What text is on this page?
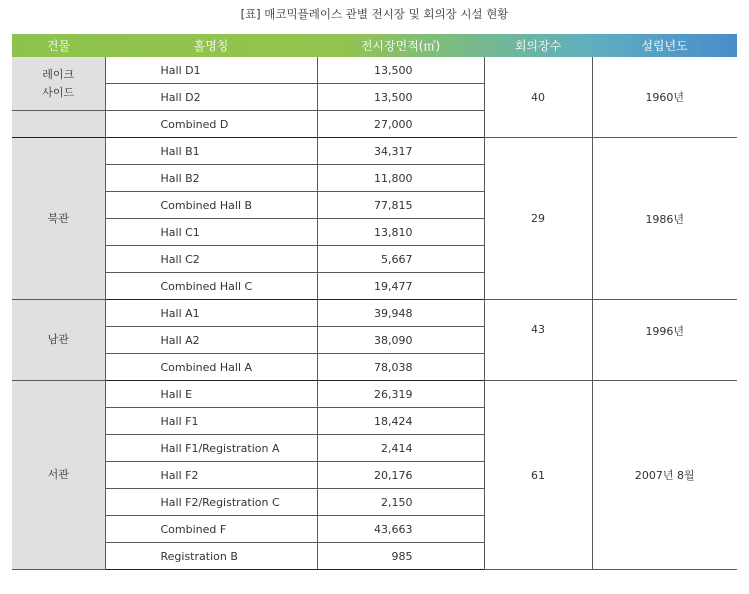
[표] 매코믹플레이스 관별 전시장 및 회의장 시설 현황
건물	홀명칭	전시장면적(㎡)	회의장수	설립년도
레이크
사이드	Hall D1	13,500	40	1960년
	Hall D2	13,500		
	Combined D	27,000		
북관	Hall B1	34,317	29	1986년
	Hall B2	11,800		
	Combined Hall B	77,815		
	Hall C1	13,810		
	Hall C2	5,667		
	Combined Hall C	19,477		
남관	Hall A1	39,948	43	1996년
	Hall A2	38,090		
	Combined Hall A	78,038		
서관	Hall E	26,319	61	2007년 8월
	Hall F1	18,424		
	Hall F1/Registration A	2,414		
	Hall F2	20,176		
	Hall F2/Registration C	2,150		
	Combined F	43,663		
	Registration B	985		
